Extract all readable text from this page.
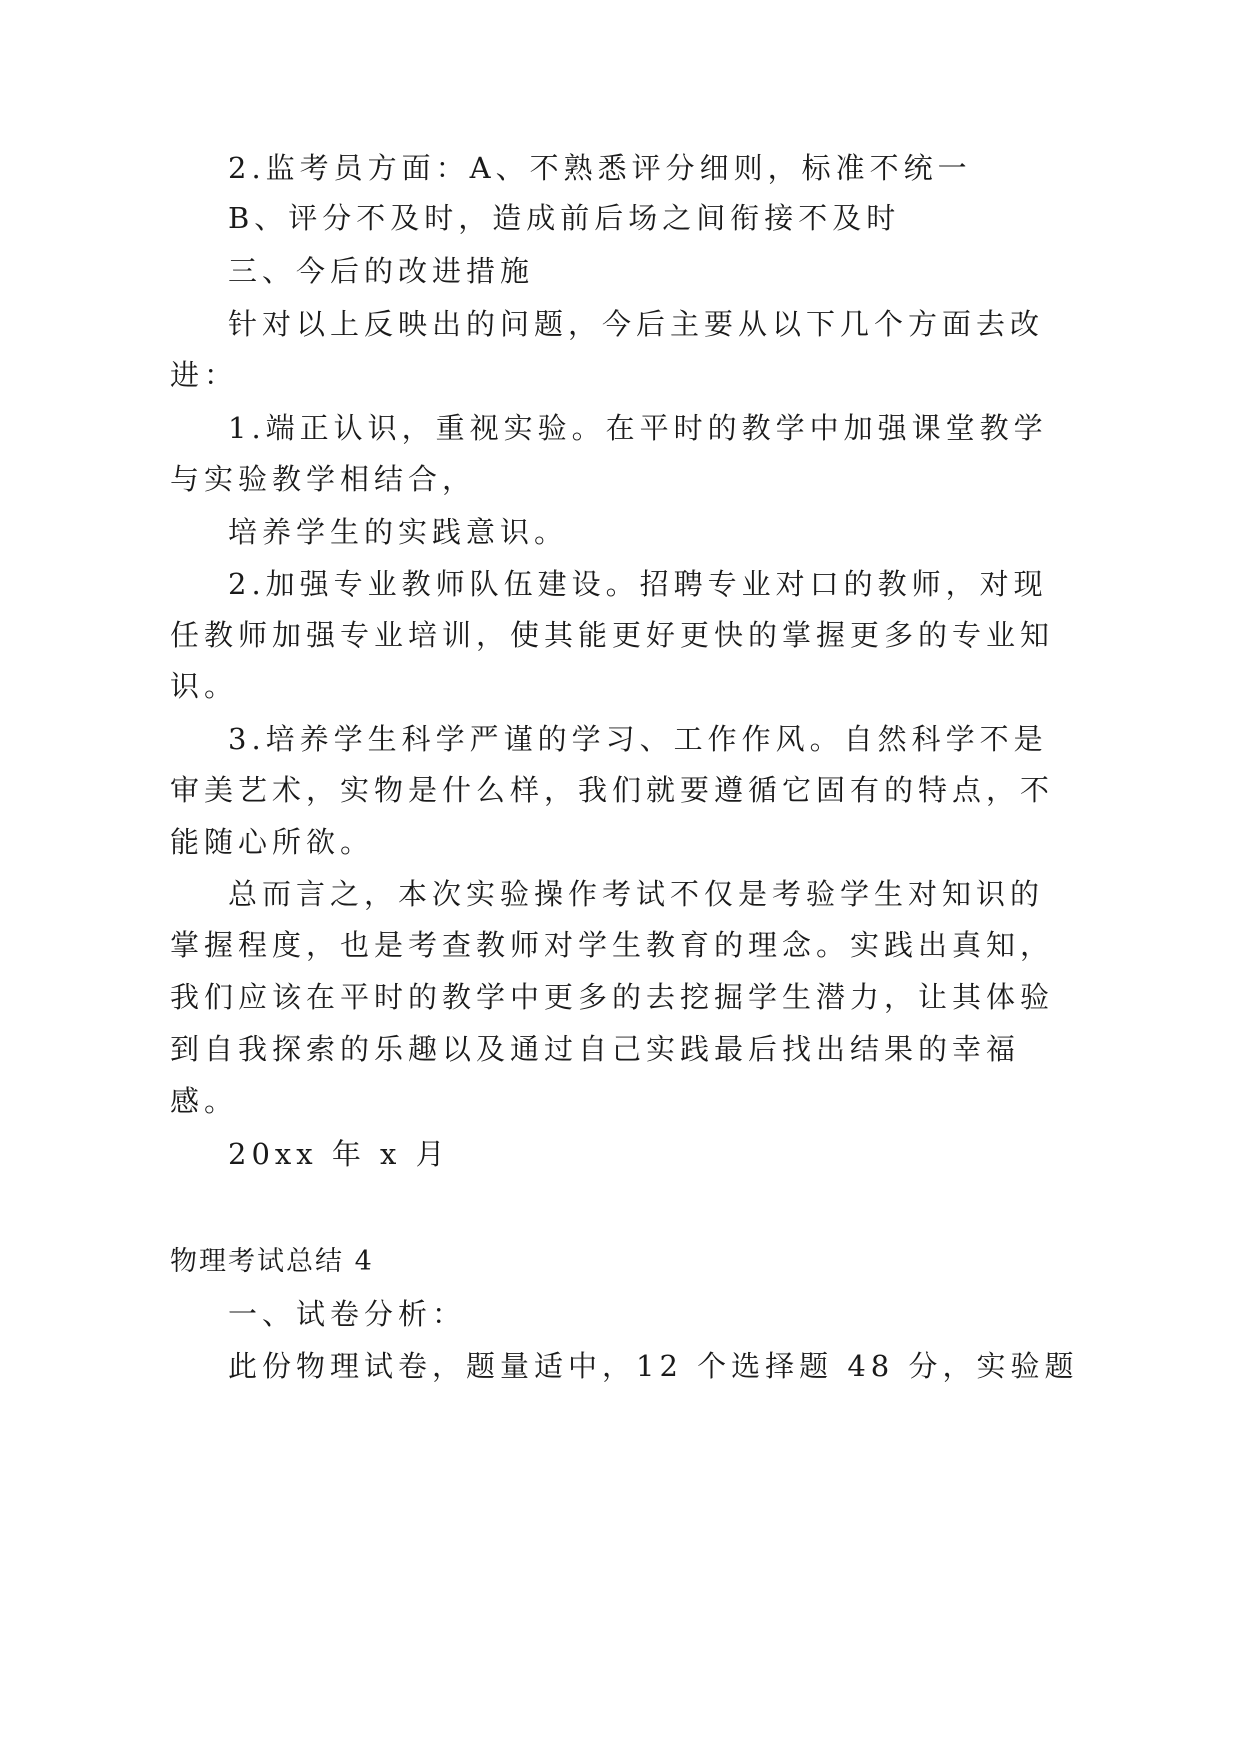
2.监考员方面：A、不熟悉评分细则，标准不统一
B、评分不及时，造成前后场之间衔接不及时
三、今后的改进措施
针对以上反映出的问题，今后主要从以下几个方面去改
进：
1.端正认识，重视实验。在平时的教学中加强课堂教学
与实验教学相结合，
培养学生的实践意识。
2.加强专业教师队伍建设。招聘专业对口的教师，对现
任教师加强专业培训，使其能更好更快的掌握更多的专业知
识。
3.培养学生科学严谨的学习、工作作风。自然科学不是
审美艺术，实物是什么样，我们就要遵循它固有的特点，不
能随心所欲。
总而言之，本次实验操作考试不仅是考验学生对知识的
掌握程度，也是考查教师对学生教育的理念。实践出真知，
我们应该在平时的教学中更多的去挖掘学生潜力，让其体验
到自我探索的乐趣以及通过自己实践最后找出结果的幸福
感。
20xx 年 x 月
物理考试总结 4
一、试卷分析：
此份物理试卷，题量适中，12 个选择题 48 分，实验题
